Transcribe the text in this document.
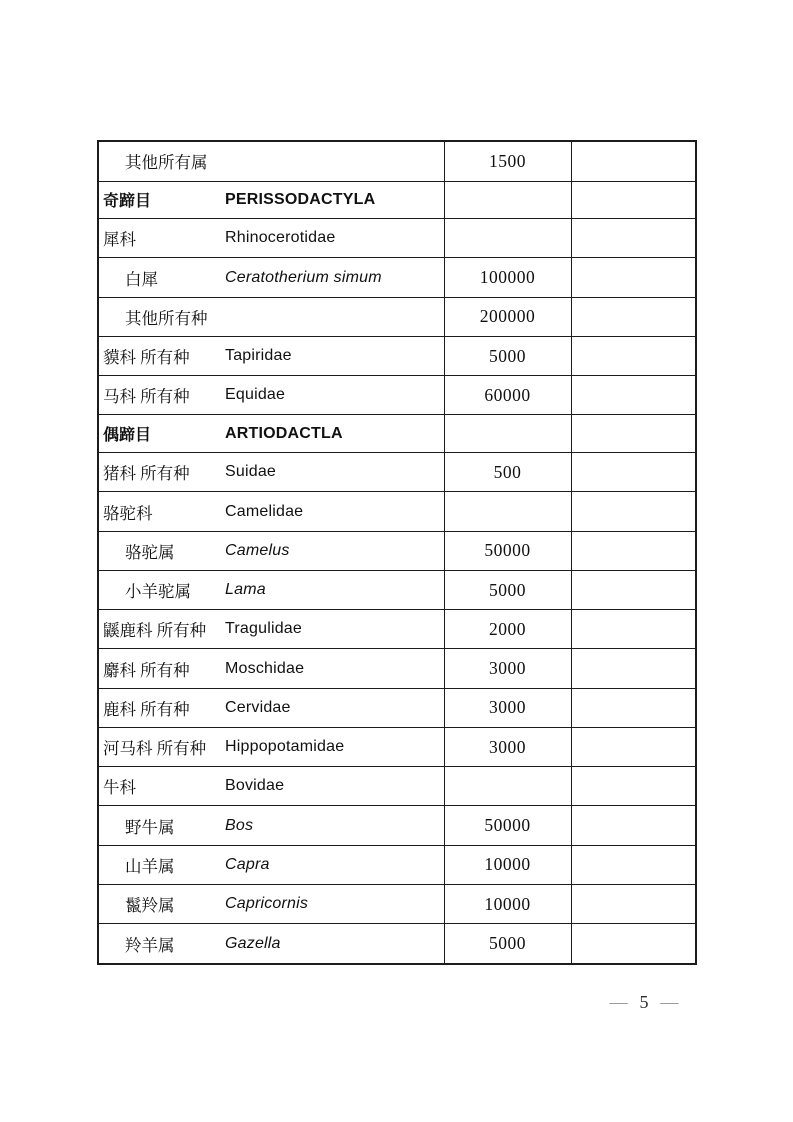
其他所有属	1500	
奇蹄目 PERISSODACTYLA		
犀科 Rhinocerotidae		
白犀 Ceratotherium simum	100000	
其他所有种	200000	
貘科 所有种 Tapiridae	5000	
马科 所有种 Equidae	60000	
偶蹄目 ARTIODACTLA		
猪科 所有种 Suidae	500	
骆驼科 Camelidae		
骆驼属 Camelus	50000	
小羊驼属 Lama	5000	
鼷鹿科 所有种 Tragulidae	2000	
麝科 所有种 Moschidae	3000	
鹿科 所有种 Cervidae	3000	
河马科 所有种 Hippopotamidae	3000	
牛科 Bovidae		
野牛属 Bos	50000	
山羊属 Capra	10000	
鬣羚属 Capricornis	10000	
羚羊属 Gazella	5000	
— 5 —
